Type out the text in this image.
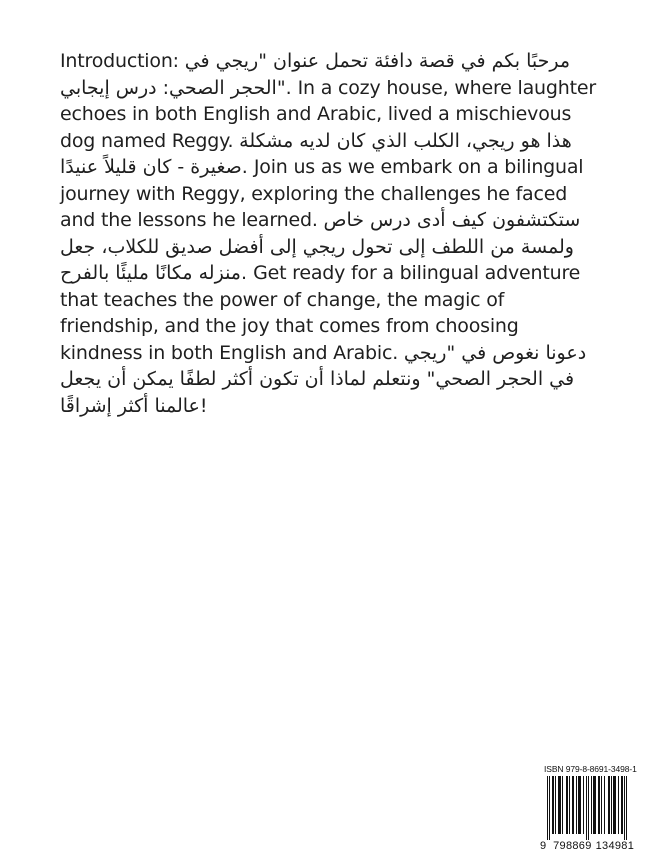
Introduction: مرحبًا بكم في قصة دافئة تحمل عنوان "ريجي في
الحجر الصحي: درس إيجابي". In a cozy house, where laughter
echoes in both English and Arabic, lived a mischievous
dog named Reggy. هذا هو ريجي، الكلب الذي كان لديه مشكلة
صغيرة - كان قليلاً عنيدًا. Join us as we embark on a bilingual
journey with Reggy, exploring the challenges he faced
and the lessons he learned. ستكتشفون كيف أدى درس خاص
ولمسة من اللطف إلى تحول ريجي إلى أفضل صديق للكلاب، جعل
منزله مكانًا مليئًا بالفرح. Get ready for a bilingual adventure
that teaches the power of change, the magic of
friendship, and the joy that comes from choosing
kindness in both English and Arabic. دعونا نغوص في "ريجي
في الحجر الصحي" ونتعلم لماذا أن تكون أكثر لطفًا يمكن أن يجعل
عالمنا أكثر إشراقًا!
ISBN 979-8-8691-3498-1
9 798869 134981
